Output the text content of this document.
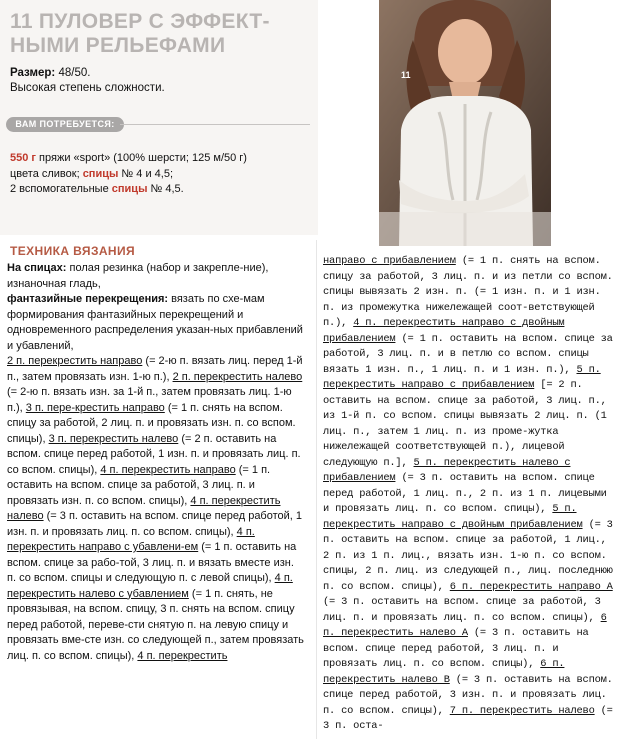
11 ПУЛОВЕР С ЭФФЕКТ-
НЫМИ РЕЛЬЕФАМИ
Размер: 48/50.
Высокая степень сложности.
ВАМ ПОТРЕБУЕТСЯ:
550 г пряжи «sport» (100% шерсти; 125 м/50 г)
цвета сливок; спицы № 4 и 4,5;
2 вспомогательные спицы № 4,5.
ТЕХНИКА ВЯЗАНИЯ

На спицах: полая резинка (набор и закрепле-ние), изнаночная гладь,

фантазийные перекрещения: вязать по схе-мам формирования фантазийных перекрещений и одновременного распределения указан-ных прибавлений и убавлений,

2 п. перекрестить направо (= 2-ю п. вязать лиц. перед 1-й п., затем провязать изн. 1-ю п.), 2 п. перекрестить налево (= 2-ю п. вязать изн. за 1-й п., затем провязать лиц. 1-ю п.), 3 п. пере-крестить направо (= 1 п. снять на вспом. спицу за работой, 2 лиц. п. и провязать изн. п. со вспом. спицы), 3 п. перекрестить налево (= 2 п. оставить на вспом. спице перед работой, 1 изн. п. и провязать лиц. п. со вспом. спицы), 4 п. перекрестить направо (= 1 п. оставить на вспом. спице за работой, 3 лиц. п. и провязать изн. п. со вспом. спицы), 4 п. перекрестить налево (= 3 п. оставить на вспом. спице перед работой, 1 изн. п. и провязать лиц. п. со вспом. спицы), 4 п. перекрестить направо с убавлени-ем (= 1 п. оставить на вспом. спице за рабо-той, 3 лиц. п. и вязать вместе изн. п. со вспом. спицы и следующую п. с левой спицы), 4 п. перекрестить налево с убавлением (= 1 п. снять, не провязывая, на вспом. спицу, 3 п. снять на вспом. спицу перед работой, переве-сти снятую п. на левую спицу и провязать вме-сте изн. со следующей п., затем провязать лиц. п. со вспом. спицы), 4 п. перекрестить

11
направо с прибавлением (= 1 п. снять на вспом. спицу за работой, 3 лиц. п. и из петли со вспом. спицы вывязать 2 изн. п. (= 1 изн. п. и 1 изн. п. из промежутка нижележащей соот-ветствующей п.), 4 п. перекрестить направо с двойным прибавлением (= 1 п. оставить на вспом. спице за работой, 3 лиц. п. и в петлю со вспом. спицы вязать 1 изн. п., 1 лиц. п. и 1 изн. п.), 5 п. перекрестить направо с прибавлением [= 2 п. оставить на вспом. спице за работой, 3 лиц. п., из 1-й п. со вспом. спицы вывязать 2 лиц. п. (1 лиц. п., затем 1 лиц. п. из проме-жутка нижележащей соответствующей п.), лицевой следующую п.], 5 п. перекрестить налево с прибавлением (= 3 п. оставить на вспом. спице перед работой, 1 лиц. п., 2 п. из 1 п. лицевыми и провязать лиц. п. со вспом. спицы), 5 п. перекрестить направо с двойным прибавлением (= 3 п. оставить на вспом. спице за работой, 1 лиц., 2 п. из 1 п. лиц., вязать изн. 1-ю п. со вспом. спицы, 2 п. лиц. из следующей п., лиц. последнюю п. со вспом. спицы), 6 п. перекрестить направо А (= 3 п. оставить на вспом. спице за работой, 3 лиц. п. и провязать лиц. п. со вспом. спицы), 6 п. перекрестить налево А (= 3 п. оставить на вспом. спице перед работой, 3 лиц. п. и провязать лиц. п. со вспом. спицы), 6 п. перекрестить налево В (= 3 п. оставить на вспом. спице перед работой, 3 изн. п. и провязать лиц. п. со вспом. спицы), 7 п. перекрестить налево (= 3 п. оста-
